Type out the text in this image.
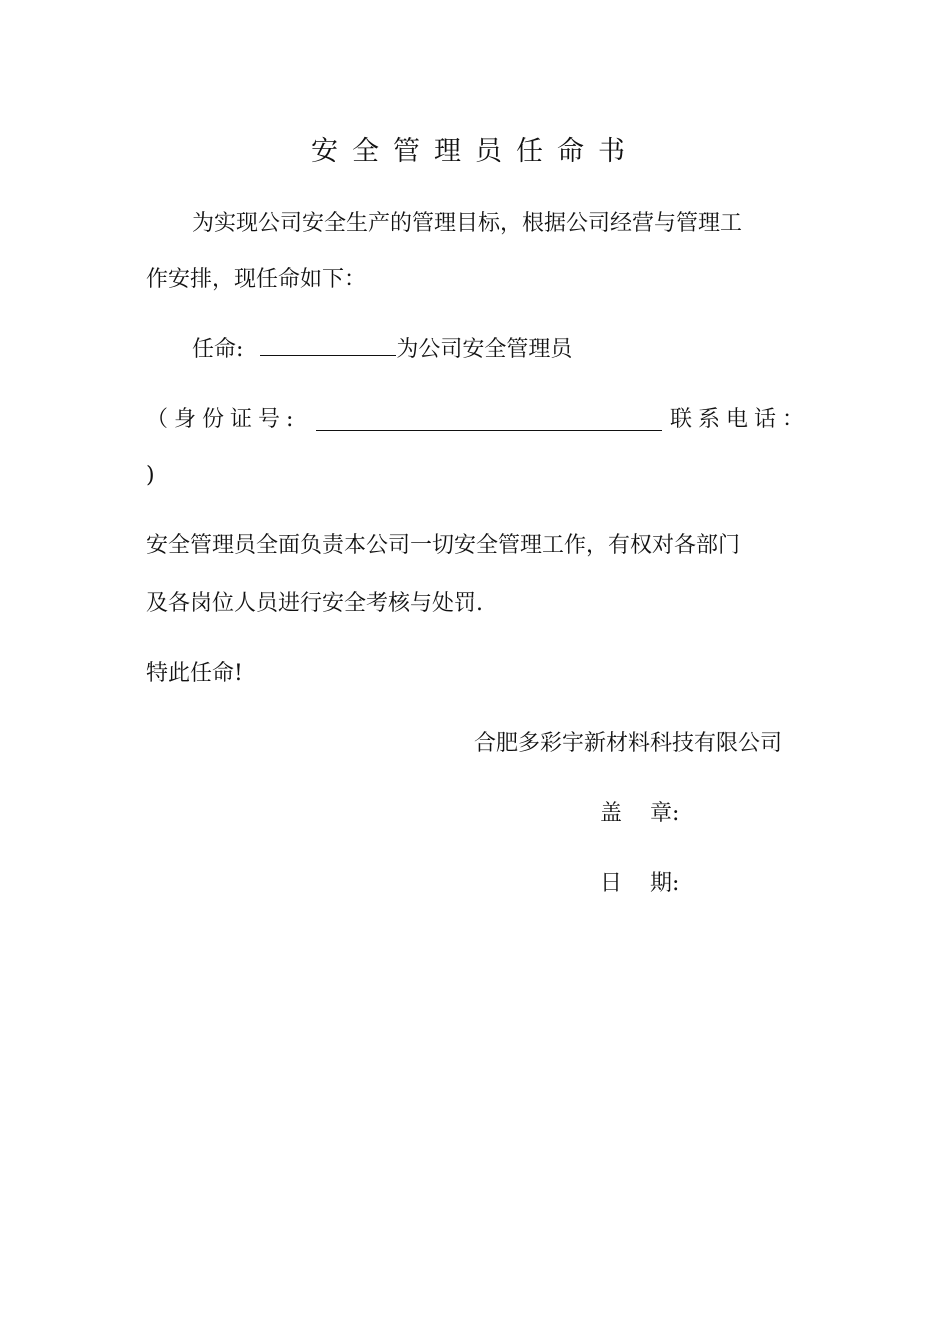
安全管理员任命书
为实现公司安全生产的管理目标，根据公司经营与管理工
作安排，现任命如下：
任命:	为公司安全管理员
（身份证号:	联系电话：
)
安全管理员全面负责本公司一切安全管理工作，有权对各部门
及各岗位人员进行安全考核与处罚.
特此任命!
合肥多彩宇新材料科技有限公司
盖    章:
日    期:
